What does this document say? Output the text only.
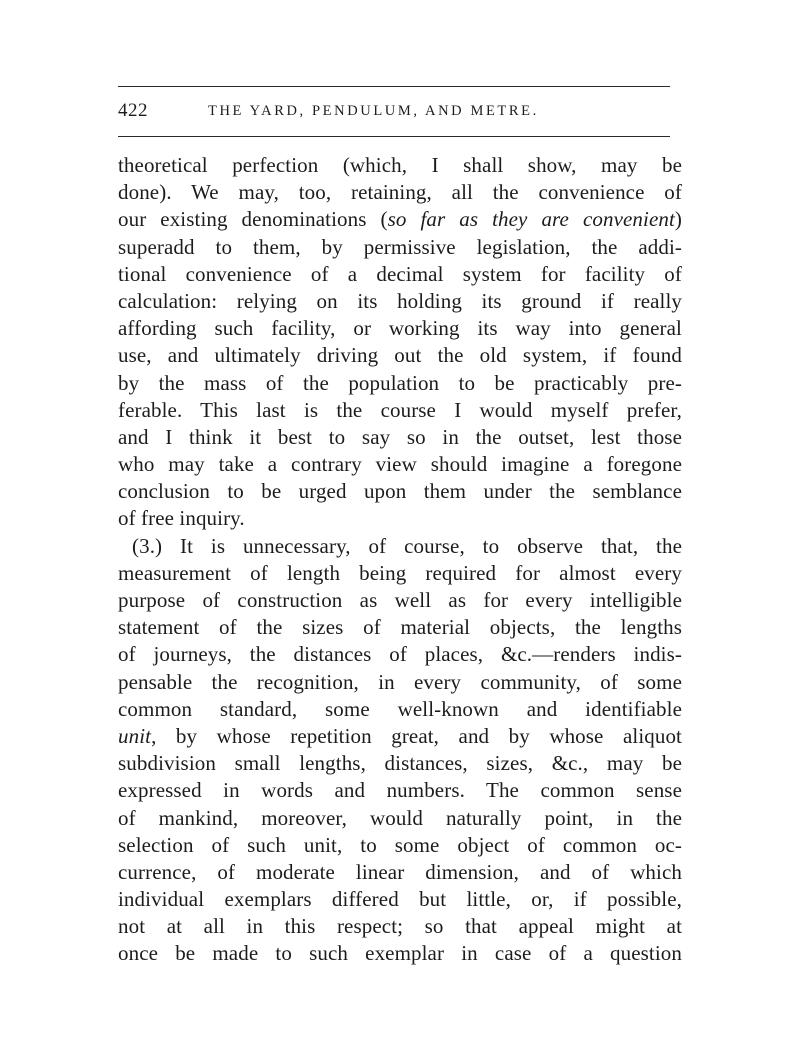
422	THE YARD, PENDULUM, AND METRE.
theoretical perfection (which, I shall show, may be
done). We may, too, retaining, all the convenience of
our existing denominations (so far as they are convenient)
superadd to them, by permissive legislation, the addi-
tional convenience of a decimal system for facility of
calculation: relying on its holding its ground if really
affording such facility, or working its way into general
use, and ultimately driving out the old system, if found
by the mass of the population to be practicably pre-
ferable. This last is the course I would myself prefer,
and I think it best to say so in the outset, lest those
who may take a contrary view should imagine a foregone
conclusion to be urged upon them under the semblance
of free inquiry.
(3.) It is unnecessary, of course, to observe that, the
measurement of length being required for almost every
purpose of construction as well as for every intelligible
statement of the sizes of material objects, the lengths
of journeys, the distances of places, &c.—renders indis-
pensable the recognition, in every community, of some
common standard, some well-known and identifiable
unit, by whose repetition great, and by whose aliquot
subdivision small lengths, distances, sizes, &c., may be
expressed in words and numbers. The common sense
of mankind, moreover, would naturally point, in the
selection of such unit, to some object of common oc-
currence, of moderate linear dimension, and of which
individual exemplars differed but little, or, if possible,
not at all in this respect; so that appeal might at
once be made to such exemplar in case of a question
